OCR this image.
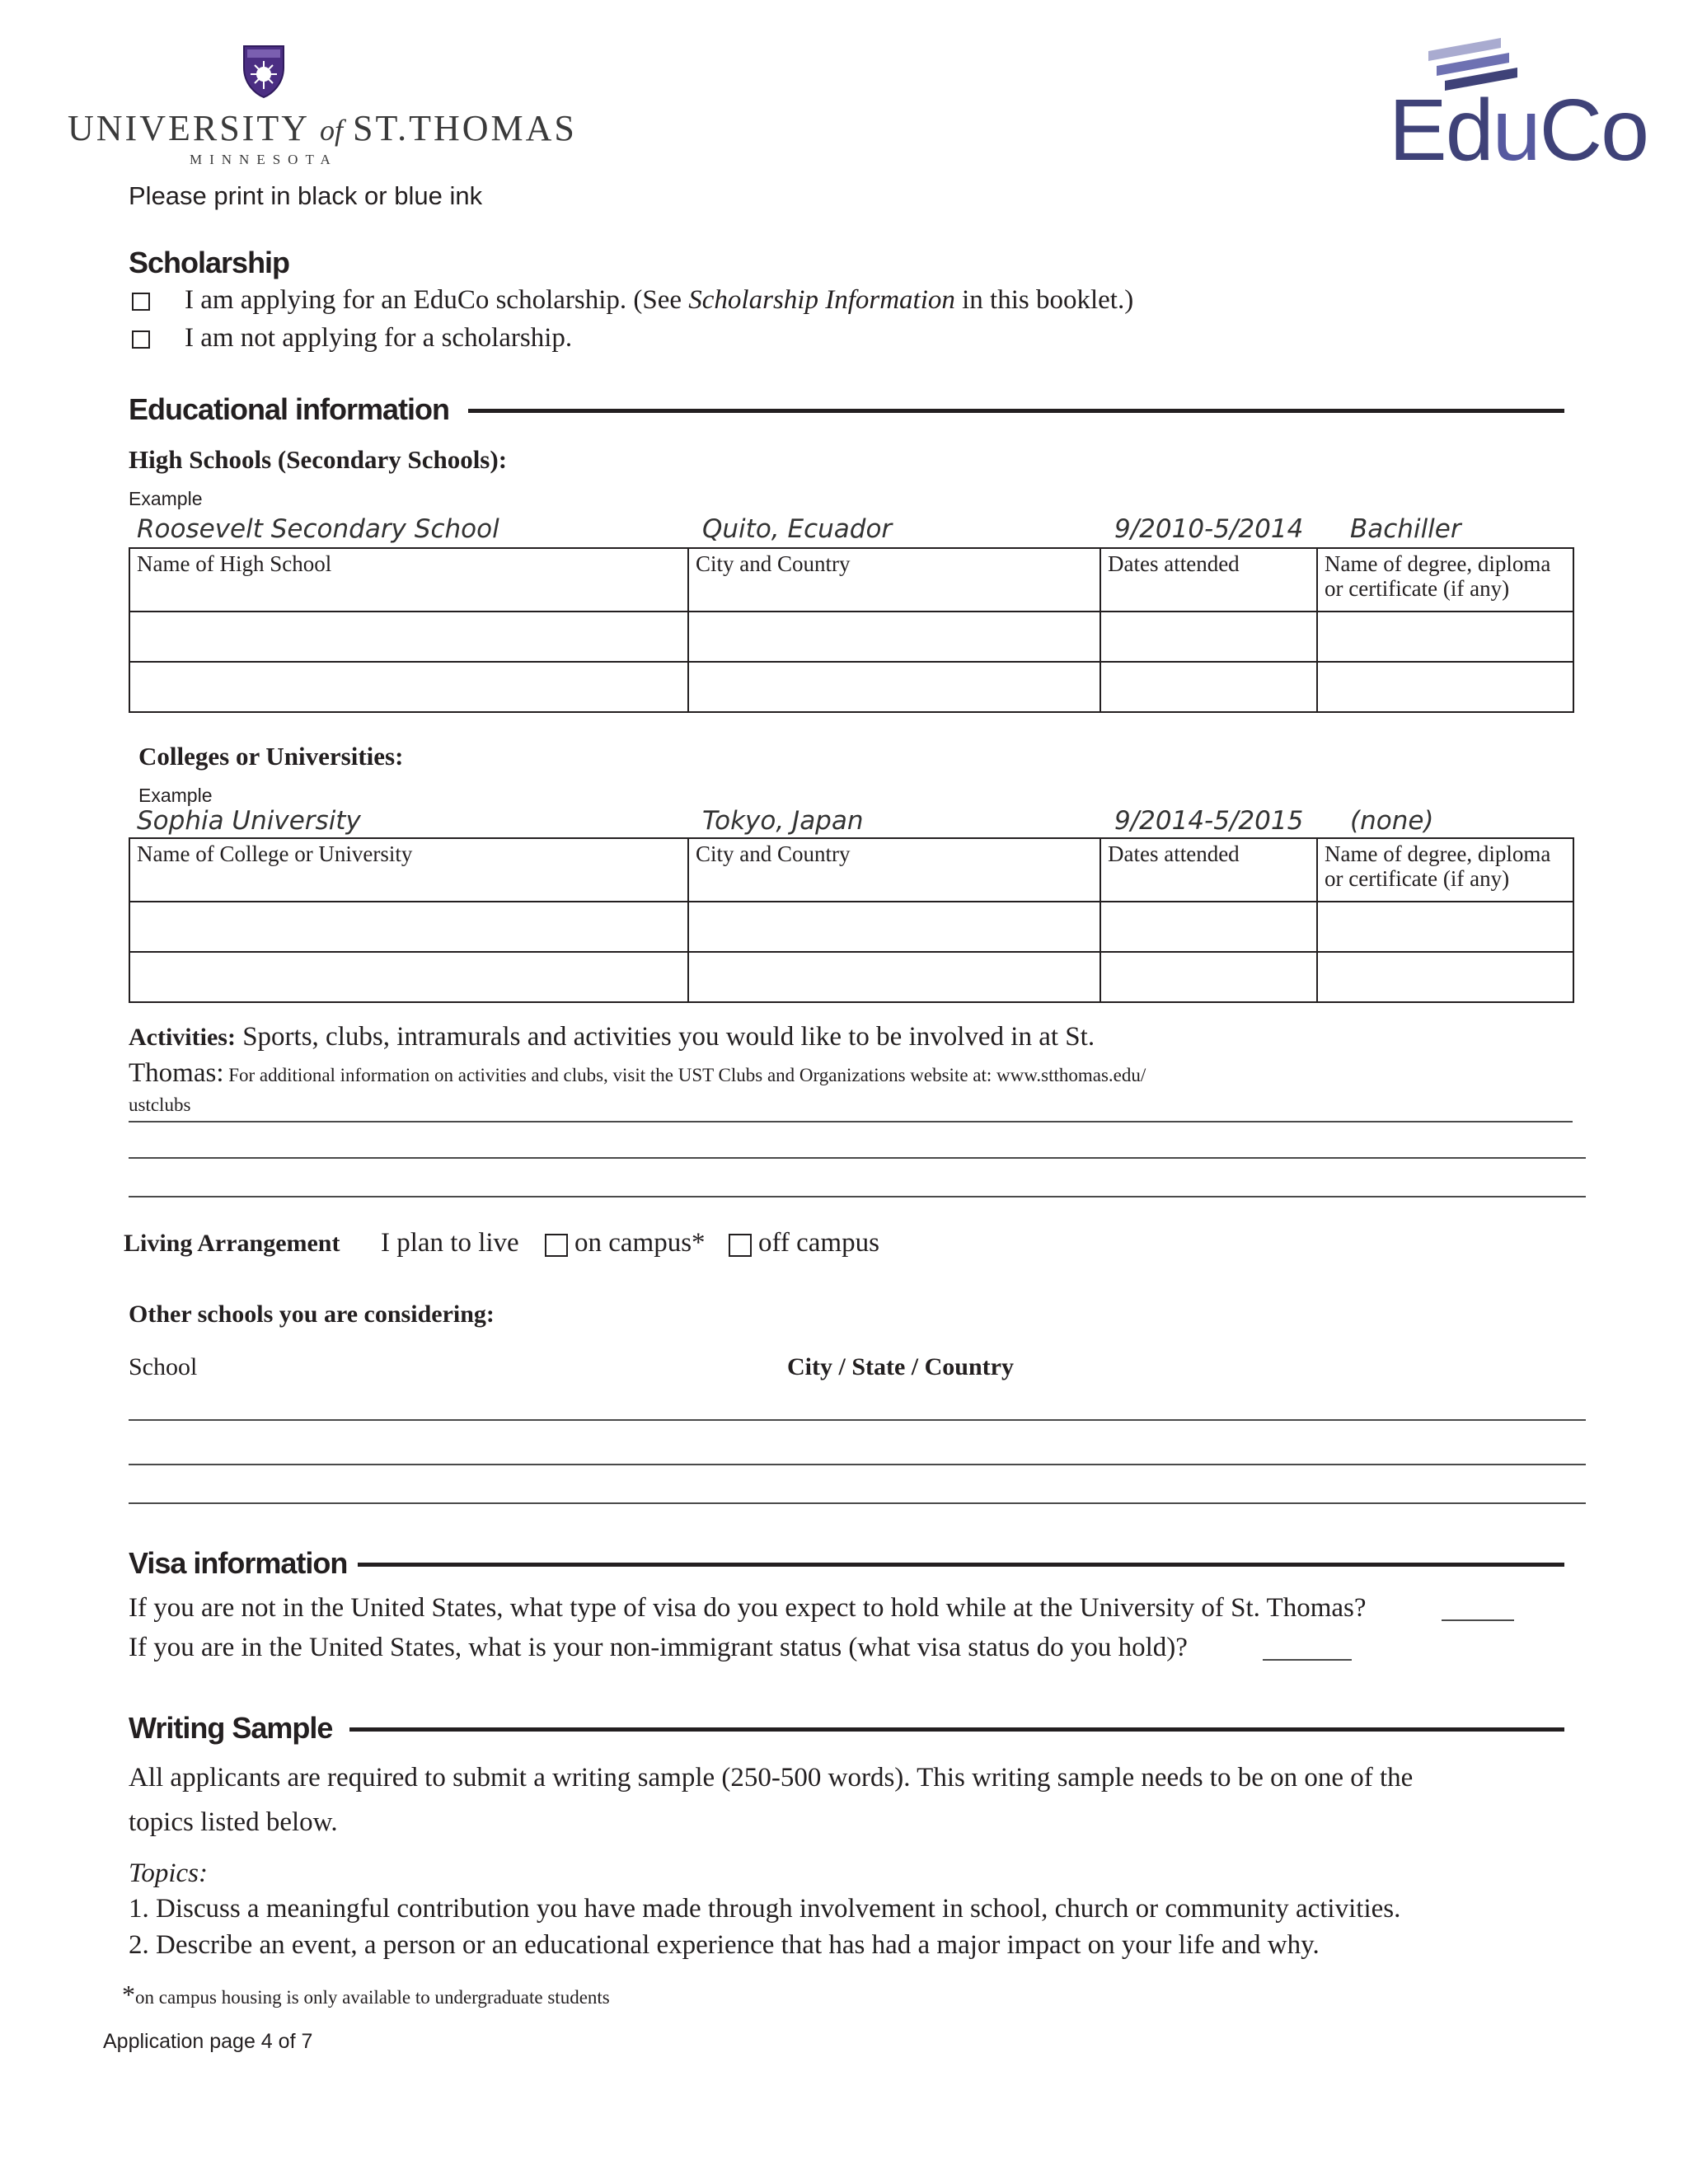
UNIVERSITY of ST.THOMAS
MINNESOTA	EduCo
Please print in black or blue ink
Scholarship
I am applying for an EduCo scholarship. (See Scholarship Information in this booklet.)
I am not applying for a scholarship.
Educational information
High Schools (Secondary Schools):
Example
Roosevelt Secondary School	Quito, Ecuador	9/2010-5/2014 Bachiller
Name of High School	City and Country	Dates attended	Name of degree, diploma or certificate (if any)

Colleges or Universities:
Example
Sophia University	Tokyo, Japan	9/2014-5/2015 (none)
Name of College or University	City and Country	Dates attended	Name of degree, diploma or certificate (if any)

Activities: Sports, clubs, intramurals and activities you would like to be involved in at St.
Thomas: For additional information on activities and clubs, visit the UST Clubs and Organizations website at: www.stthomas.edu/
ustclubs
Living Arrangement I plan to live on campus* off campus
Other schools you are considering:
School	City / State / Country
Visa information
If you are not in the United States, what type of visa do you expect to hold while at the University of St. Thomas?
If you are in the United States, what is your non-immigrant status (what visa status do you hold)?
Writing Sample
All applicants are required to submit a writing sample (250-500 words). This writing sample needs to be on one of the
topics listed below.
Topics:
1. Discuss a meaningful contribution you have made through involvement in school, church or community activities.
2. Describe an event, a person or an educational experience that has had a major impact on your life and why.
*on campus housing is only available to undergraduate students
Application page 4 of 7
